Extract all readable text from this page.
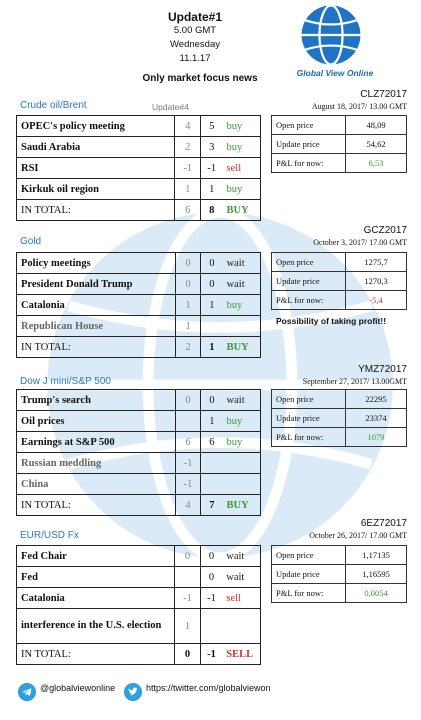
Update#1
5.00 GMT
Wednesday
11.1.17
Only market focus news	Global View Online
Crude oil/Brent	Update#4
CLZ72017
August 18, 2017/ 13.00 GMT
OPEC's policy meeting	4	5	buy
Saudi Arabia	2	3	buy
RSI	-1	-1	sell
Kirkuk oil region	1	1	buy
IN TOTAL:	6	8	BUY
Open price	48,09
Update price	54,62
P&L for now:	6,53
Gold
GCZ2017
October 3, 2017/ 17.00 GMT
Policy meetings	0	0	wait
President Donald Trump	0	0	wait
Catalonia	1	1	buy
Republican House	1		
IN TOTAL:	2	1	BUY
Open price	1275,7
Update price	1270,3
P&L for now:	-5,4
Possibility of taking profit!!
Dow J mini/S&P 500
YMZ72017
September 27, 2017/ 13.00GMT
Trump's search	0	0	wait
Oil prices		1	buy
Earnings at S&P 500	6	6	buy
Russian meddling	-1		
China	-1		
IN TOTAL:	4	7	BUY
Open price	22295
Update price	23374
P&L for now:	1079
EUR/USD Fx
6EZ72017
October 26, 2017/ 17.00 GMT
Fed Chair	0	0	wait
Fed		0	wait
Catalonia	-1	-1	sell
interference in the U.S. election	1		
IN TOTAL:	0	-1	SELL
Open price	1,17135
Update price	1,16595
P&L for now:	0,0054
@globalviewonline	https://twitter.com/globalviewon
